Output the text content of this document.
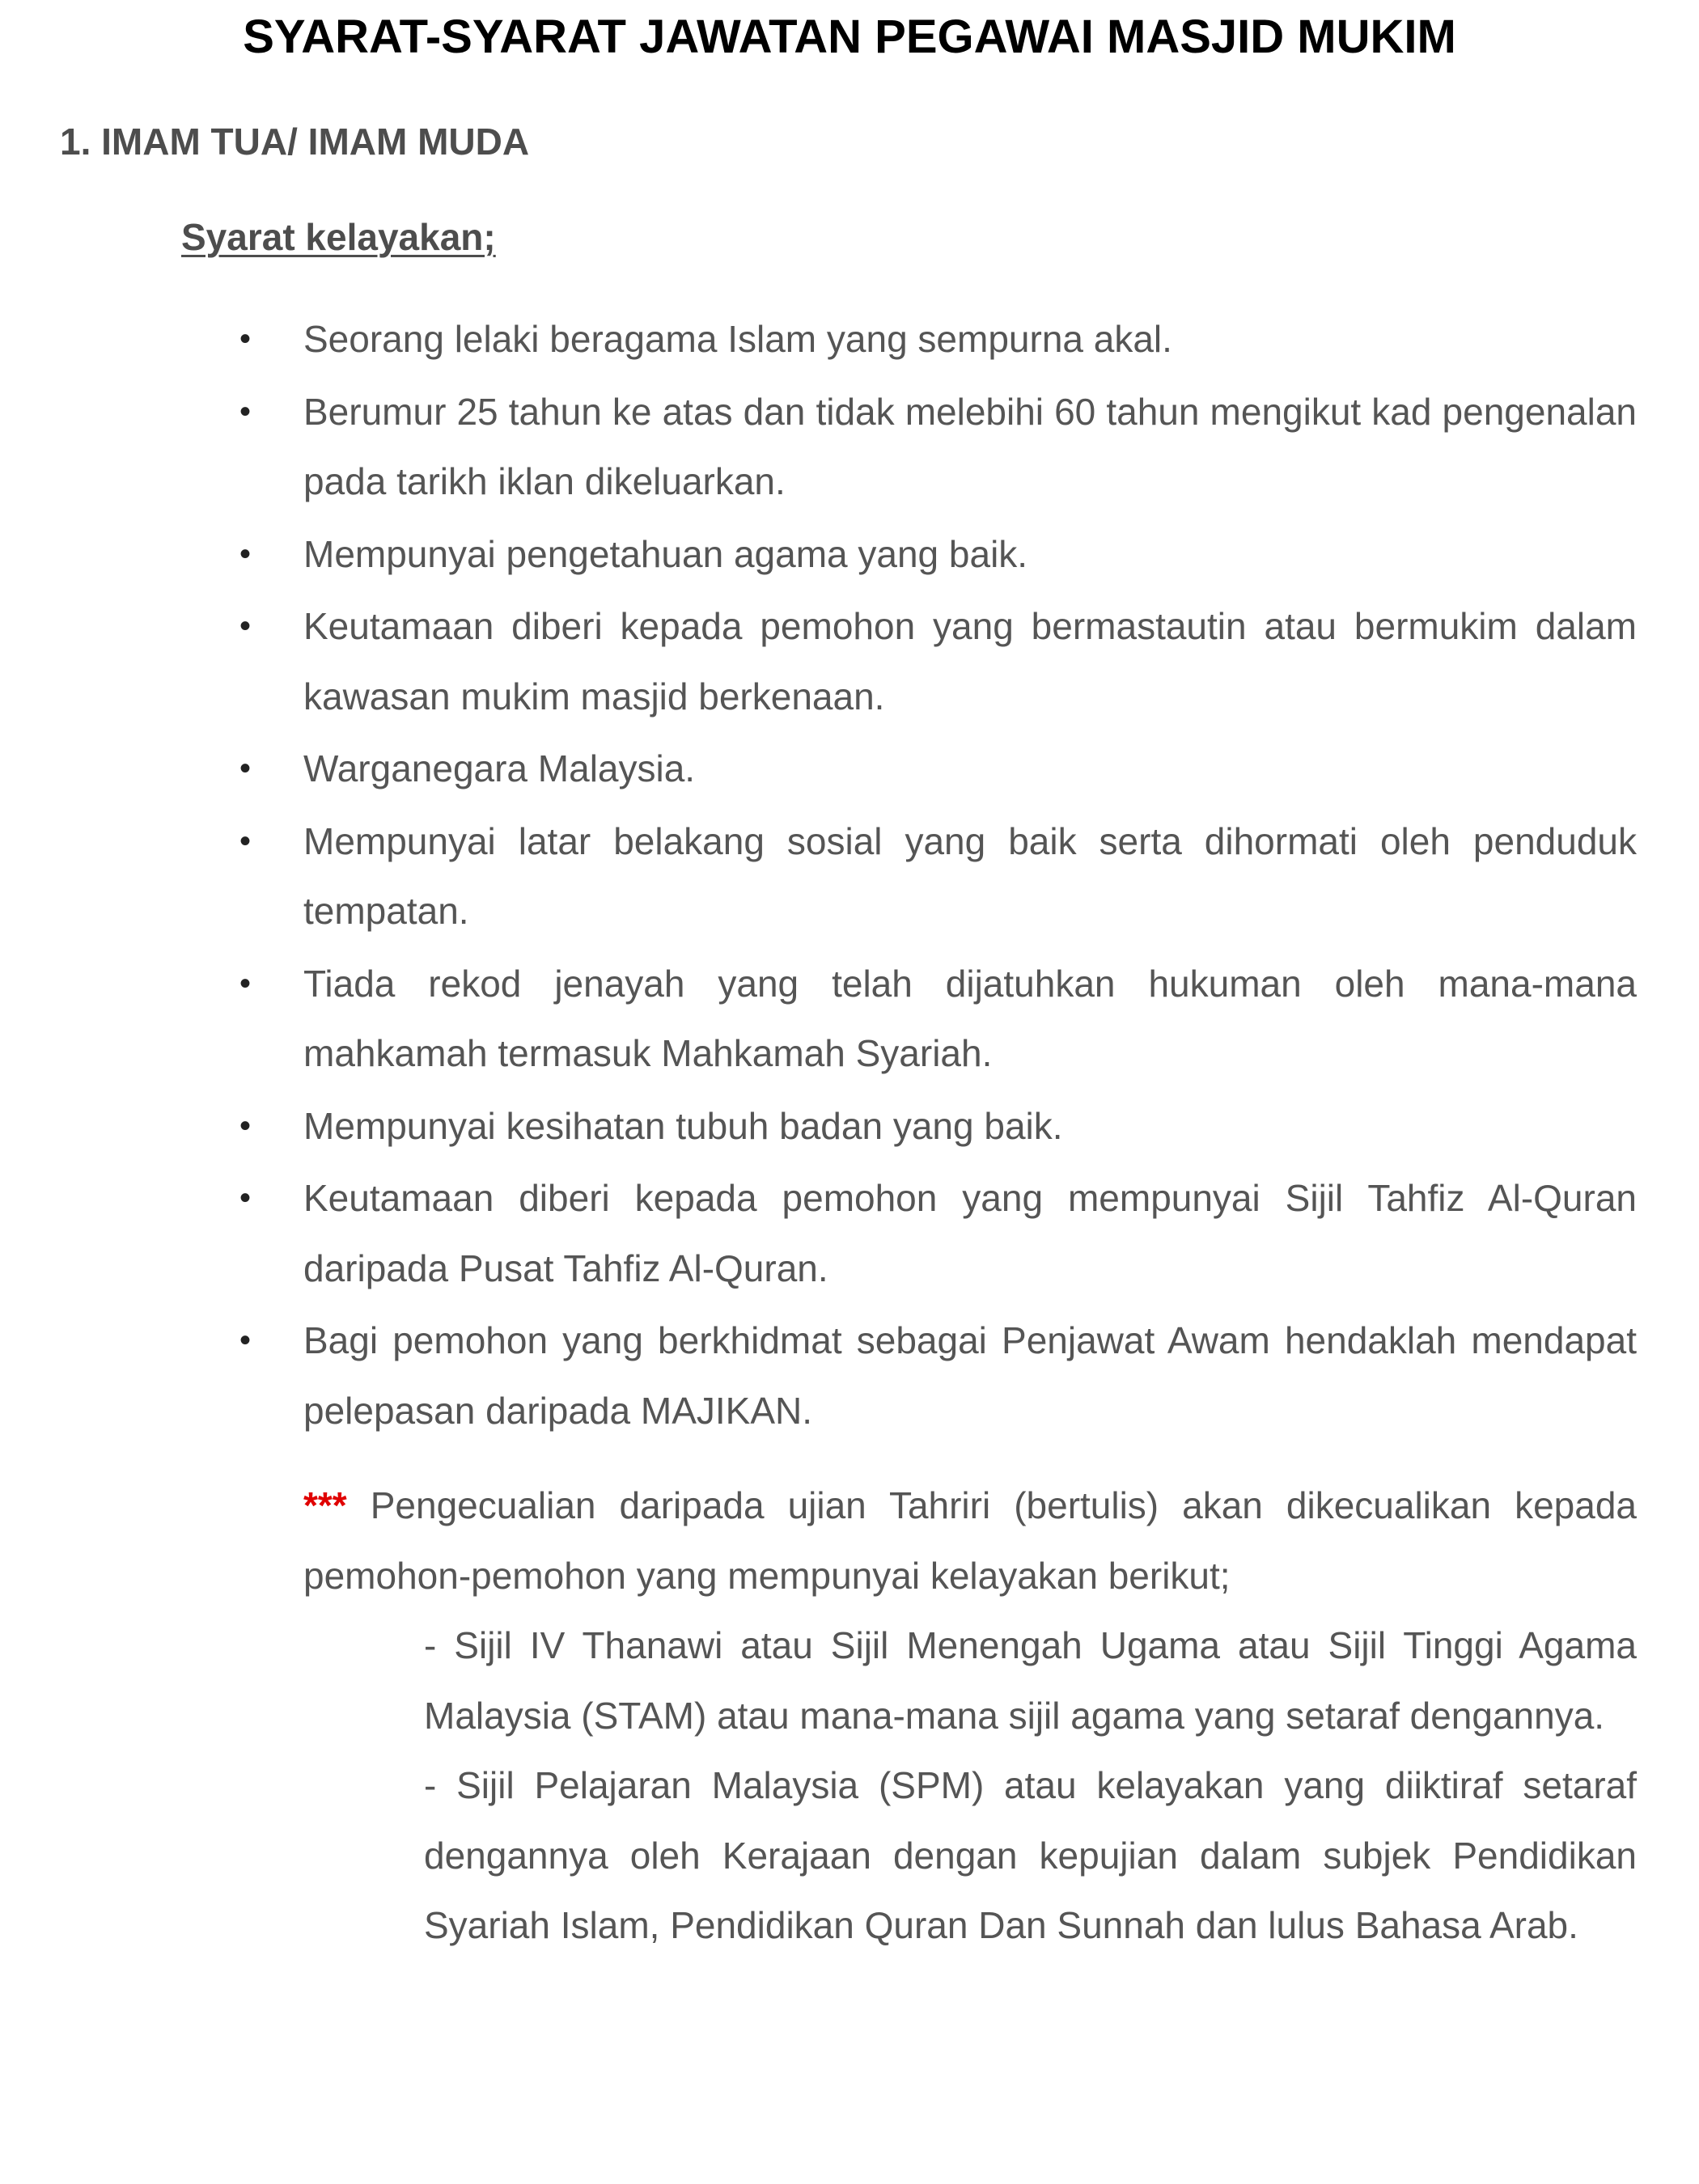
SYARAT-SYARAT JAWATAN PEGAWAI MASJID MUKIM
1. IMAM TUA/ IMAM MUDA
Syarat kelayakan;
• Seorang lelaki beragama Islam yang sempurna akal.
• Berumur 25 tahun ke atas dan tidak melebihi 60 tahun mengikut kad pengenalan pada tarikh iklan dikeluarkan.
• Mempunyai pengetahuan agama yang baik.
• Keutamaan diberi kepada pemohon yang bermastautin atau bermukim dalam kawasan mukim masjid berkenaan.
• Warganegara Malaysia.
• Mempunyai latar belakang sosial yang baik serta dihormati oleh penduduk tempatan.
• Tiada rekod jenayah yang telah dijatuhkan hukuman oleh mana-mana mahkamah termasuk Mahkamah Syariah.
• Mempunyai kesihatan tubuh badan yang baik.
• Keutamaan diberi kepada pemohon yang mempunyai Sijil Tahfiz Al-Quran daripada Pusat Tahfiz Al-Quran.
• Bagi pemohon yang berkhidmat sebagai Penjawat Awam hendaklah mendapat pelepasan daripada MAJIKAN.

*** Pengecualian daripada ujian Tahriri (bertulis) akan dikecualikan kepada pemohon-pemohon yang mempunyai kelayakan berikut;

- Sijil IV Thanawi atau Sijil Menengah Ugama atau Sijil Tinggi Agama Malaysia (STAM) atau mana-mana sijil agama yang setaraf dengannya.

- Sijil Pelajaran Malaysia (SPM) atau kelayakan yang diiktiraf setaraf dengannya oleh Kerajaan dengan kepujian dalam subjek Pendidikan Syariah Islam, Pendidikan Quran Dan Sunnah dan lulus Bahasa Arab.
